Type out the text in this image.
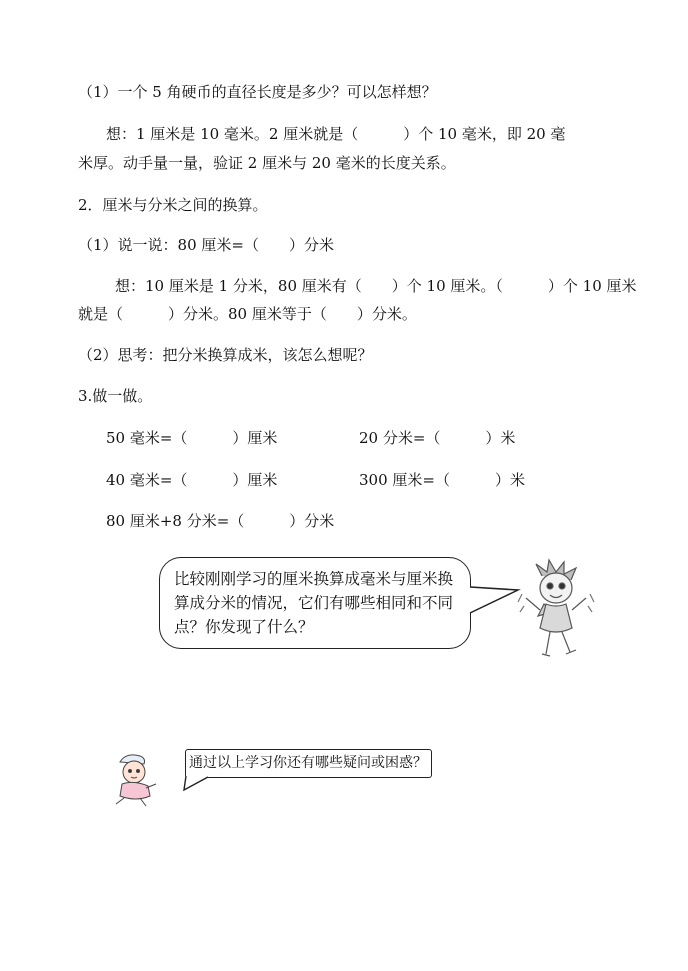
（1）一个 5 角硬币的直径长度是多少？可以怎样想？
想：1 厘米是 10 毫米。2 厘米就是（　　　）个 10 毫米，即 20 毫
米厚。动手量一量，验证 2 厘米与 20 毫米的长度关系。
2．厘米与分米之间的换算。
（1）说一说：80 厘米=（　　）分米
想：10 厘米是 1 分米，80 厘米有（　　）个 10 厘米。（　　　）个 10 厘米
就是（　　　）分米。80 厘米等于（　　）分米。
（2）思考：把分米换算成米，该怎么想呢？
3.做一做。
50 毫米=（　　　）厘米	20 分米=（　　　）米
40 毫米=（　　　）厘米	300 厘米=（　　　）米
80 厘米+8 分米=（　　　）分米
比较刚刚学习的厘米换算成毫米与厘米换算成分米的情况，它们有哪些相同和不同点？你发现了什么？
通过以上学习你还有哪些疑问或困惑？
